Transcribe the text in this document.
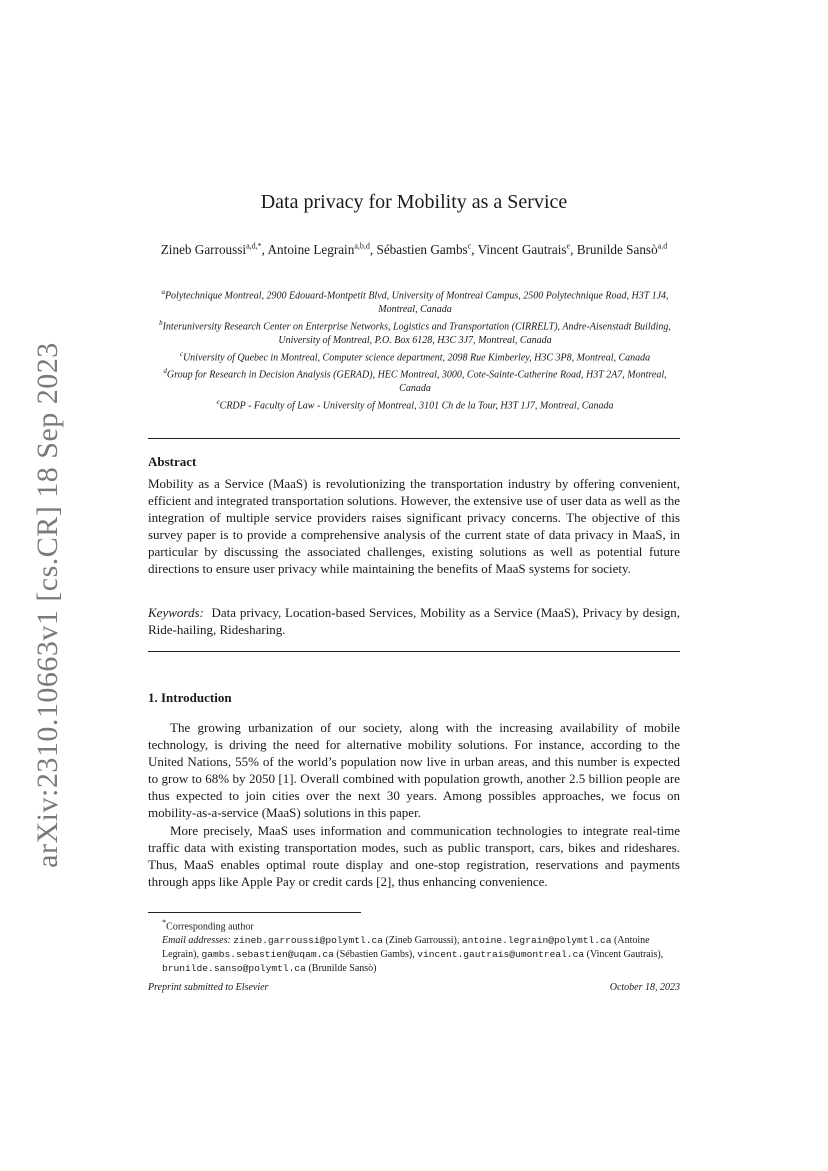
arXiv:2310.10663v1 [cs.CR] 18 Sep 2023
Data privacy for Mobility as a Service
Zineb Garroussi$^{a,d,*}$, Antoine Legrain$^{a,b,d}$, Sébastien Gambs$^c$, Vincent Gautrais$^e$, Brunilde Sansò$^{a,d}$
$^a$Polytechnique Montreal, 2900 Edouard-Montpetit Blvd, University of Montreal Campus, 2500 Polytechnique Road, H3T 1J4, Montreal, Canada
$^b$Interuniversity Research Center on Enterprise Networks, Logistics and Transportation (CIRRELT), Andre-Aisenstadt Building, University of Montreal, P.O. Box 6128, H3C 3J7, Montreal, Canada
$^c$University of Quebec in Montreal, Computer science department, 2098 Rue Kimberley, H3C 3P8, Montreal, Canada
$^d$Group for Research in Decision Analysis (GERAD), HEC Montreal, 3000, Cote-Sainte-Catherine Road, H3T 2A7, Montreal, Canada
$^e$CRDP - Faculty of Law - University of Montreal, 3101 Ch de la Tour, H3T 1J7, Montreal, Canada
Abstract
Mobility as a Service (MaaS) is revolutionizing the transportation industry by offering convenient, efficient and integrated transportation solutions. However, the extensive use of user data as well as the integration of multiple service providers raises significant privacy concerns. The objective of this survey paper is to provide a comprehensive analysis of the current state of data privacy in MaaS, in particular by discussing the associated challenges, existing solutions as well as potential future directions to ensure user privacy while maintaining the benefits of MaaS systems for society.
Keywords: Data privacy, Location-based Services, Mobility as a Service (MaaS), Privacy by design, Ride-hailing, Ridesharing.
1. Introduction

The growing urbanization of our society, along with the increasing availability of mobile technology, is driving the need for alternative mobility solutions. For instance, according to the United Nations, 55% of the world’s population now live in urban areas, and this number is expected to grow to 68% by 2050 [1]. Overall combined with population growth, another 2.5 billion people are thus expected to join cities over the next 30 years. Among possibles approaches, we focus on mobility-as-a-service (MaaS) solutions in this paper.

More precisely, MaaS uses information and communication technologies to integrate real-time traffic data with existing transportation modes, such as public transport, cars, bikes and rideshares. Thus, MaaS enables optimal route display and one-stop registration, reservations and payments through apps like Apple Pay or credit cards [2], thus enhancing convenience.

*Corresponding author
Email addresses: zineb.garroussi@polymtl.ca (Zineb Garroussi), antoine.legrain@polymtl.ca (Antoine Legrain), gambs.sebastien@uqam.ca (Sébastien Gambs), vincent.gautrais@umontreal.ca (Vincent Gautrais), brunilde.sanso@polymtl.ca (Brunilde Sansò)
Preprint submitted to Elsevier	October 18, 2023
